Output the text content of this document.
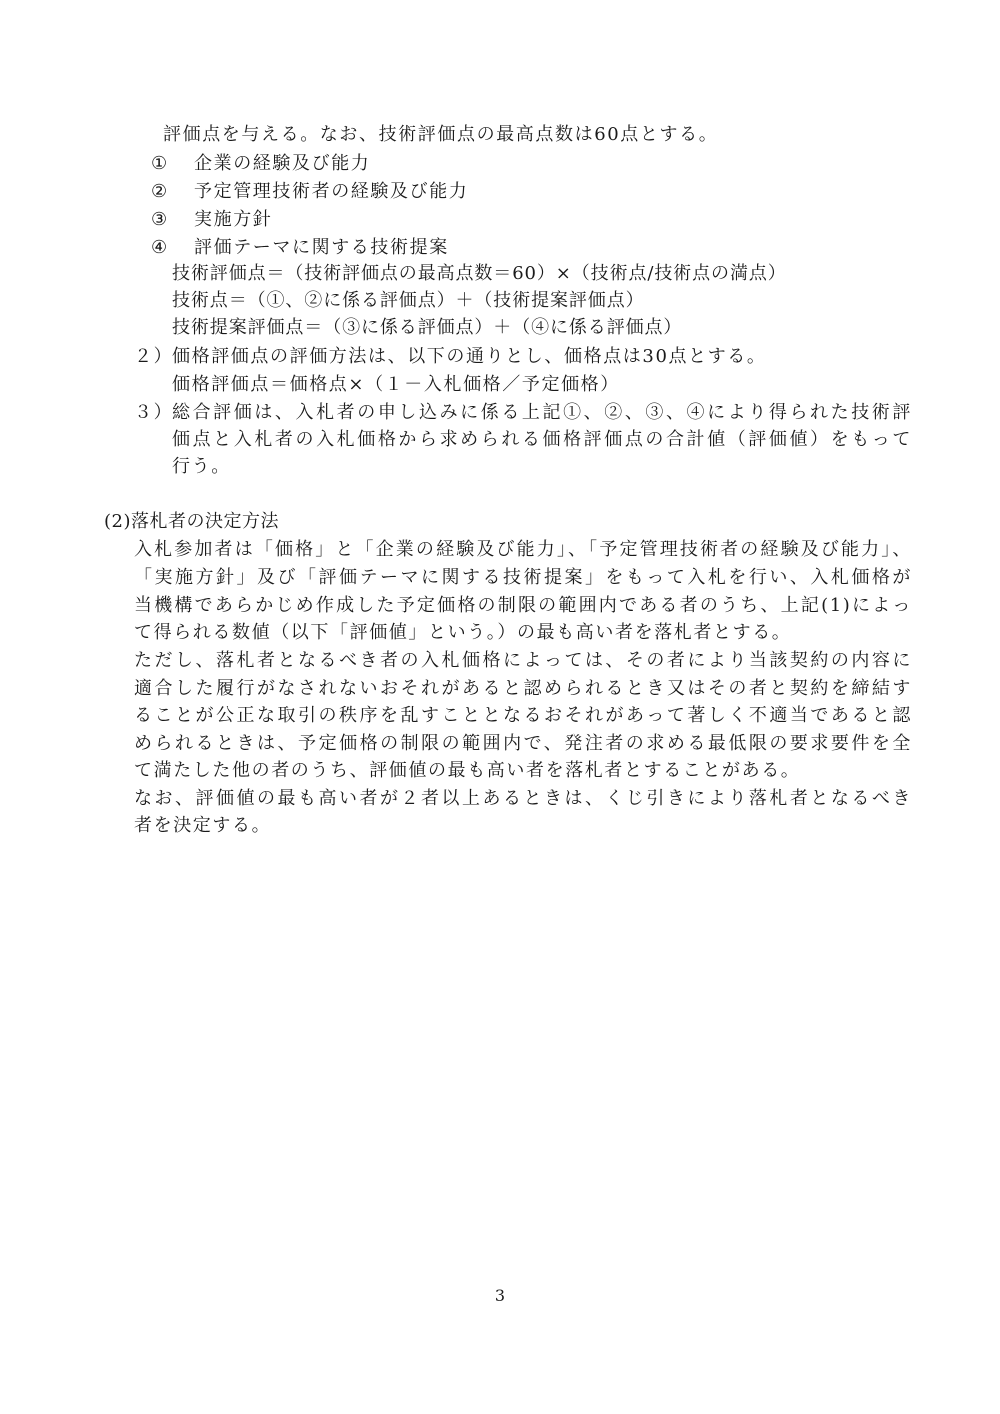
評価点を与える。なお、技術評価点の最高点数は60点とする。
① 企業の経験及び能力
② 予定管理技術者の経験及び能力
③ 実施方針
④ 評価テーマに関する技術提案
技術評価点＝（技術評価点の最高点数＝60）×（技術点/技術点の満点）
技術点＝（①、②に係る評価点）＋（技術提案評価点）
技術提案評価点＝（③に係る評価点）＋（④に係る評価点）
２）
価格評価点の評価方法は、以下の通りとし、価格点は30点とする。
価格評価点＝価格点×（１－入札価格／予定価格）
３）
総合評価は、入札者の申し込みに係る上記①、②、③、④により得られた技術評
価点と入札者の入札価格から求められる価格評価点の合計値（評価値）をもって
行う。
(2)落札者の決定方法
入札参加者は「価格」と「企業の経験及び能力」、「予定管理技術者の経験及び能力」、
「実施方針」及び「評価テーマに関する技術提案」をもって入札を行い、入札価格が
当機構であらかじめ作成した予定価格の制限の範囲内である者のうち、上記(1)によっ
て得られる数値（以下「評価値」という。）の最も高い者を落札者とする。
ただし、落札者となるべき者の入札価格によっては、その者により当該契約の内容に
適合した履行がなされないおそれがあると認められるとき又はその者と契約を締結す
ることが公正な取引の秩序を乱すこととなるおそれがあって著しく不適当であると認
められるときは、予定価格の制限の範囲内で、発注者の求める最低限の要求要件を全
て満たした他の者のうち、評価値の最も高い者を落札者とすることがある。
なお、評価値の最も高い者が２者以上あるときは、くじ引きにより落札者となるべき
者を決定する。
3
